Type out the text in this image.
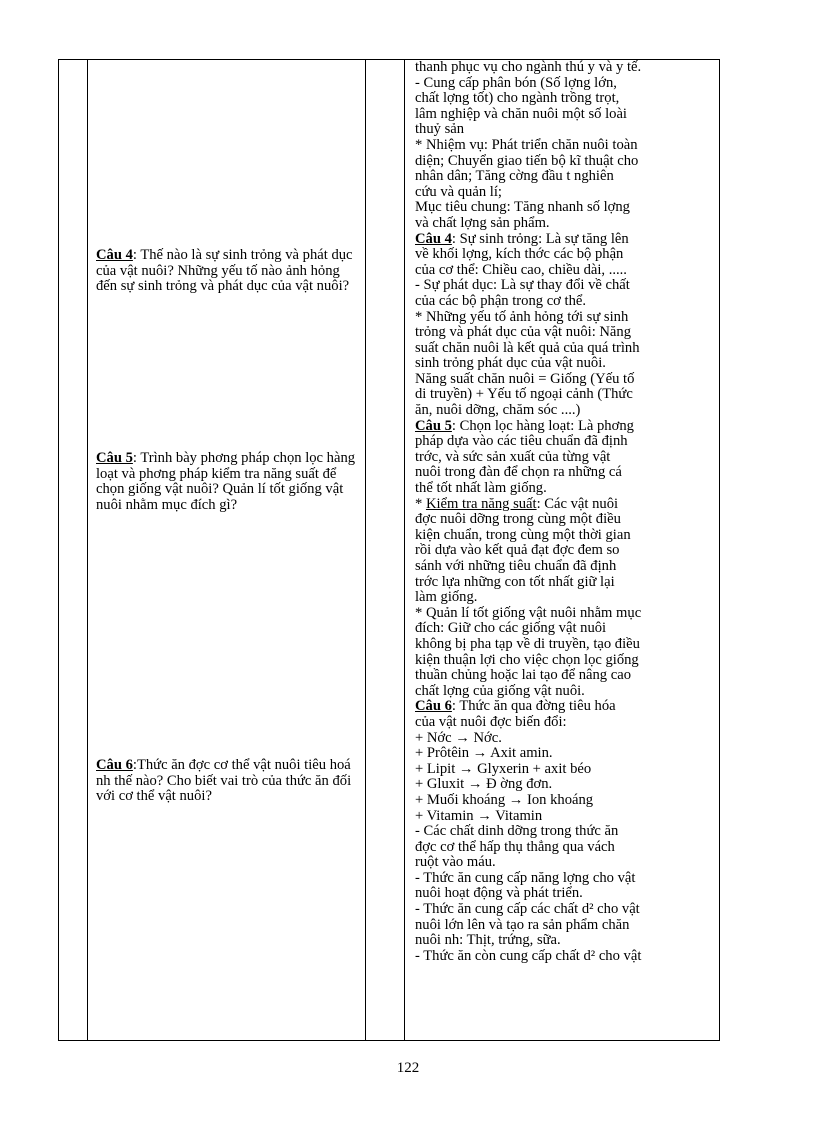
Câu 4: Thế nào là sự sinh trỏng và phát dục của vật nuôi? Những yếu tố nào ảnh hỏng đến sự sinh trỏng và phát dục của vật nuôi?
Câu 5: Trình bày phơng pháp chọn lọc hàng loạt và phơng pháp kiểm tra năng suất để chọn giống vật nuôi? Quản lí tốt giống vật nuôi nhằm mục đích gì?
Câu 6:Thức ăn đợc cơ thể vật nuôi tiêu hoá nh thế nào? Cho biết vai trò của thức ăn đối với cơ thể vật nuôi?
thanh phục vụ cho ngành thú y và y tế.
- Cung cấp phân bón (Số lợng lớn,
chất lợng tốt) cho ngành trồng trọt,
lâm nghiệp và chăn nuôi một số loài
thuỷ sản
* Nhiệm vụ: Phát triển chăn nuôi toàn
diện; Chuyển giao tiến bộ kĩ thuật cho
nhân dân; Tăng cờng đầu t nghiên
cứu và quản lí;
Mục tiêu chung: Tăng nhanh số lợng
và chất lợng sản phẩm.
Câu 4: Sự sinh trỏng: Là sự tăng lên
về khối lợng, kích thớc các bộ phận
của cơ thể: Chiều cao, chiều dài, .....
- Sự phát dục: Là sự thay đổi về chất
của các bộ phận trong cơ thể.
* Những yếu tố ảnh hỏng tới sự sinh
trỏng và phát dục của vật nuôi: Năng
suất chăn nuôi là kết quả của quá trình
sinh trỏng phát dục của vật nuôi.
Năng suất chăn nuôi = Giống (Yếu tố
di truyền) + Yếu tố ngoại cảnh (Thức
ăn, nuôi dỡng, chăm sóc ....)
Câu 5: Chọn lọc hàng loạt: Là phơng
pháp dựa vào các tiêu chuẩn đã định
trớc, và sức sản xuất của từng vật
nuôi trong đàn để chọn ra những cá
thể tốt nhất làm giống.
* Kiểm tra năng suất: Các vật nuôi
đợc nuôi dỡng trong cùng một điều
kiện chuẩn, trong cùng một thời gian
rồi dựa vào kết quả đạt đợc đem so
sánh với những tiêu chuẩn đã định
trớc lựa những con tốt nhất giữ lại
làm giống.
* Quản lí tốt giống vật nuôi nhằm mục
đích: Giữ cho các giống vật nuôi
không bị pha tạp về di truyền, tạo điều
kiện thuận lợi cho việc chọn lọc giống
thuần chủng hoặc lai tạo để nâng cao
chất lợng của giống vật nuôi.
Câu 6: Thức ăn qua đờng tiêu hóa
của vật nuôi đợc biến đổi:
+ Nớc → Nớc.
+ Prôtêin → Axit amin.
+ Lipit → Glyxerin + axit béo
+ Gluxit → Đ ờng đơn.
+ Muối khoáng → Ion khoáng
+ Vitamin → Vitamin
- Các chất dinh dỡng trong thức ăn
đợc cơ thể hấp thụ thẳng qua vách
ruột vào máu.
- Thức ăn cung cấp năng lợng cho vật
nuôi hoạt động và phát triển.
- Thức ăn cung cấp các chất d² cho vật
nuôi lớn lên và tạo ra sản phẩm chăn
nuôi nh: Thịt, trứng, sữa.
- Thức ăn còn cung cấp chất d² cho vật
122
